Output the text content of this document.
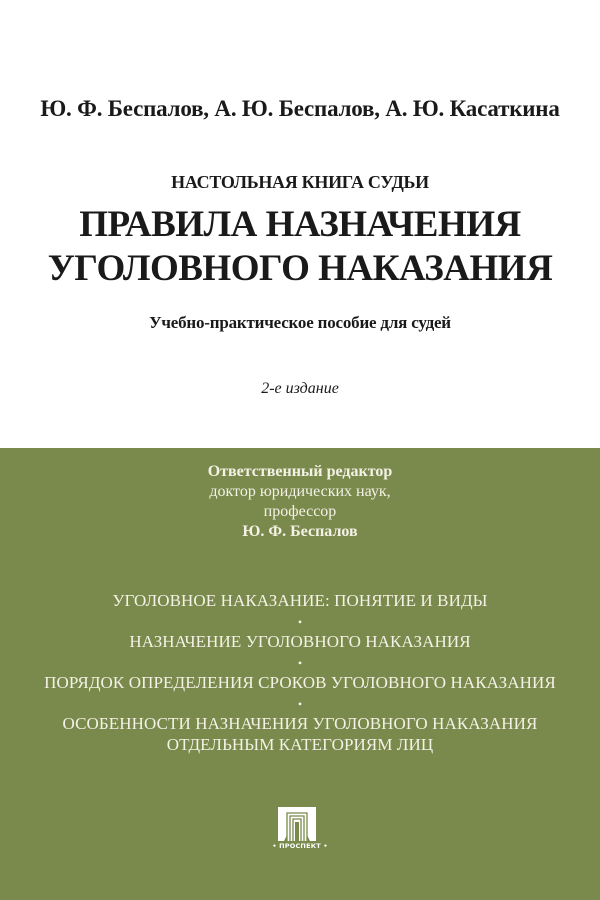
Ю. Ф. Беспалов, А. Ю. Беспалов, А. Ю. Касаткина
НАСТОЛЬНАЯ КНИГА СУДЬИ
ПРАВИЛА НАЗНАЧЕНИЯ
УГОЛОВНОГО НАКАЗАНИЯ
Учебно-практическое пособие для судей
2-е издание
Ответственный редактор
доктор юридических наук,
профессор
Ю. Ф. Беспалов
УГОЛОВНОЕ НАКАЗАНИЕ: ПОНЯТИЕ И ВИДЫ
•
НАЗНАЧЕНИЕ УГОЛОВНОГО НАКАЗАНИЯ
•
ПОРЯДОК ОПРЕДЕЛЕНИЯ СРОКОВ УГОЛОВНОГО НАКАЗАНИЯ
•
ОСОБЕННОСТИ НАЗНАЧЕНИЯ УГОЛОВНОГО НАКАЗАНИЯ
ОТДЕЛЬНЫМ КАТЕГОРИЯМ ЛИЦ
• ПРОСПЕКТ •
